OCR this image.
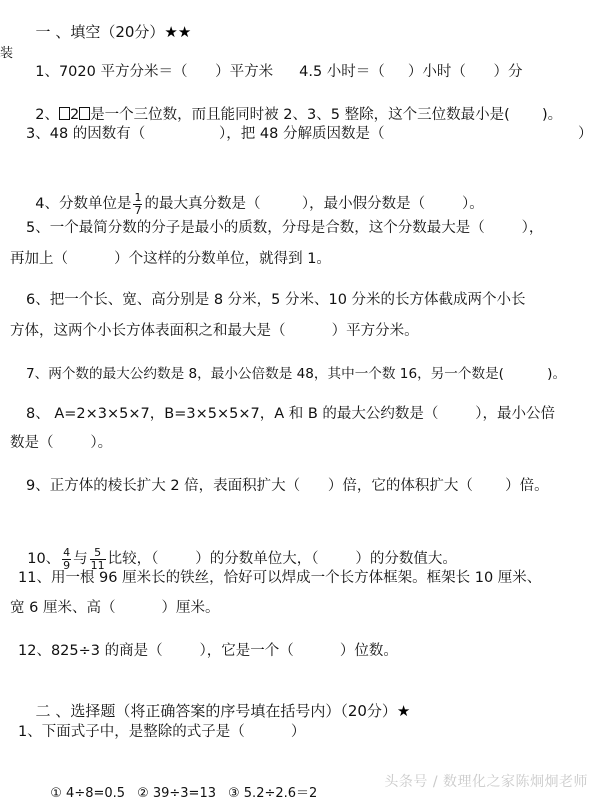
装

一 、填空（20分）★★

1、7020 平方分米＝（      ）平方米 4.5 小时＝（     ）小时（      ）分

2、 2 是一个三位数，而且能同时被 2、3、5 整除，这个三位数最小是(       )。

3、48 的因数有（                ），把 48 分解质因数是（                                          ）

4、分数单位是 $\frac{1}{7}$ 的最大真分数是（         ），最小假分数是（        ）。

5、一个最简分数的分子是最小的质数，分母是合数，这个分数最大是（        ），
再加上（          ）个这样的分数单位，就得到 1。
6、把一个长、宽、高分别是 8 分米，5 分米、10 分米的长方体截成两个小长
方体，这两个小长方体表面积之和最大是（          ）平方分米。
7、两个数的最大公约数是 8，最小公倍数是 48，其中一个数 16，另一个数是(          )。
8、 A=2×3×5×7，B=3×5×5×7，A 和 B 的最大公约数是（        ），最小公倍
数是（        ）。
9、正方体的棱长扩大 2 倍，表面积扩大（      ）倍，它的体积扩大（       ）倍。

10、 $\frac{4}{9}$ 与 $\frac{5}{11}$ 比较，（        ）的分数单位大，（        ）的分数值大。

11、用一根 96 厘米长的铁丝，恰好可以焊成一个长方体框架。框架长 10 厘米、
宽 6 厘米、高（          ）厘米。
12、825÷3 的商是（        ），它是一个（          ）位数。

二 、选择题（将正确答案的序号填在括号内）（20分）★

1、下面式子中，是整除的式子是（          ）

① 4÷8=0.5 ② 39÷3=13 ③ 5.2÷2.6＝2

头条号 / 数理化之家陈炯炯老师
